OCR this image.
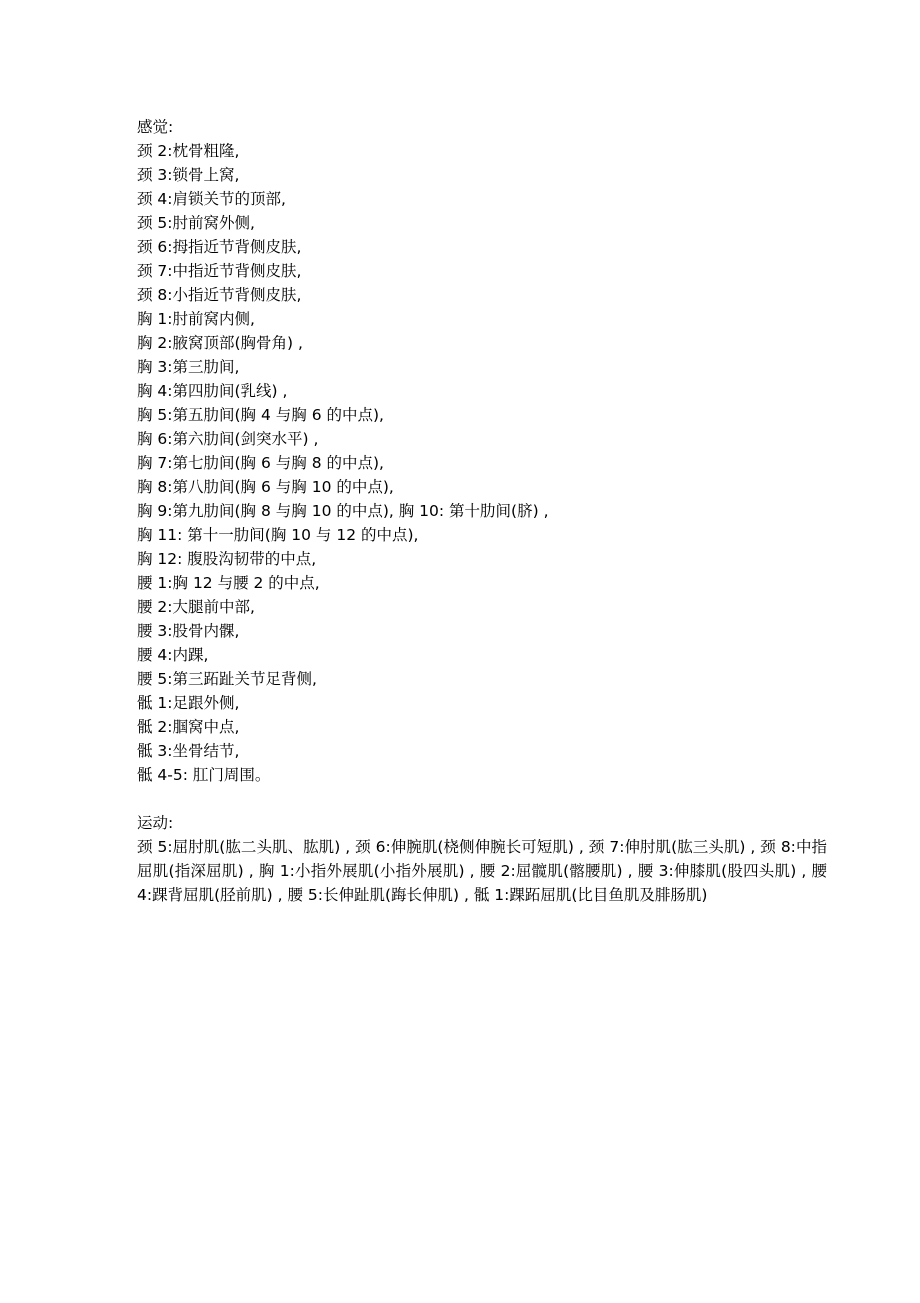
感觉:
颈 2:枕骨粗隆,
颈 3:锁骨上窝,
颈 4:肩锁关节的顶部,
颈 5:肘前窝外侧,
颈 6:拇指近节背侧皮肤,
颈 7:中指近节背侧皮肤,
颈 8:小指近节背侧皮肤,
胸 1:肘前窝内侧,
胸 2:腋窝顶部(胸骨角) ,
胸 3:第三肋间,
胸 4:第四肋间(乳线) ,
胸 5:第五肋间(胸 4 与胸 6 的中点),
胸 6:第六肋间(剑突水平) ,
胸 7:第七肋间(胸 6 与胸 8 的中点),
胸 8:第八肋间(胸 6 与胸 10 的中点),
胸 9:第九肋间(胸 8 与胸 10 的中点), 胸 10: 第十肋间(脐) ,
胸 11: 第十一肋间(胸 10 与 12 的中点),
胸 12: 腹股沟韧带的中点,
腰 1:胸 12 与腰 2 的中点,
腰 2:大腿前中部,
腰 3:股骨内髁,
腰 4:内踝,
腰 5:第三跖趾关节足背侧,
骶 1:足跟外侧,
骶 2:腘窝中点,
骶 3:坐骨结节,
骶 4-5: 肛门周围。
运动:
颈 5:屈肘肌(肱二头肌、肱肌) , 颈 6:伸腕肌(桡侧伸腕长可短肌) , 颈 7:伸肘肌(肱三头肌) , 颈 8:中指屈肌(指深屈肌) , 胸 1:小指外展肌(小指外展肌) , 腰 2:屈髋肌(髂腰肌) , 腰 3:伸膝肌(股四头肌) , 腰 4:踝背屈肌(胫前肌) , 腰 5:长伸趾肌(踇长伸肌) , 骶 1:踝跖屈肌(比目鱼肌及腓肠肌)
